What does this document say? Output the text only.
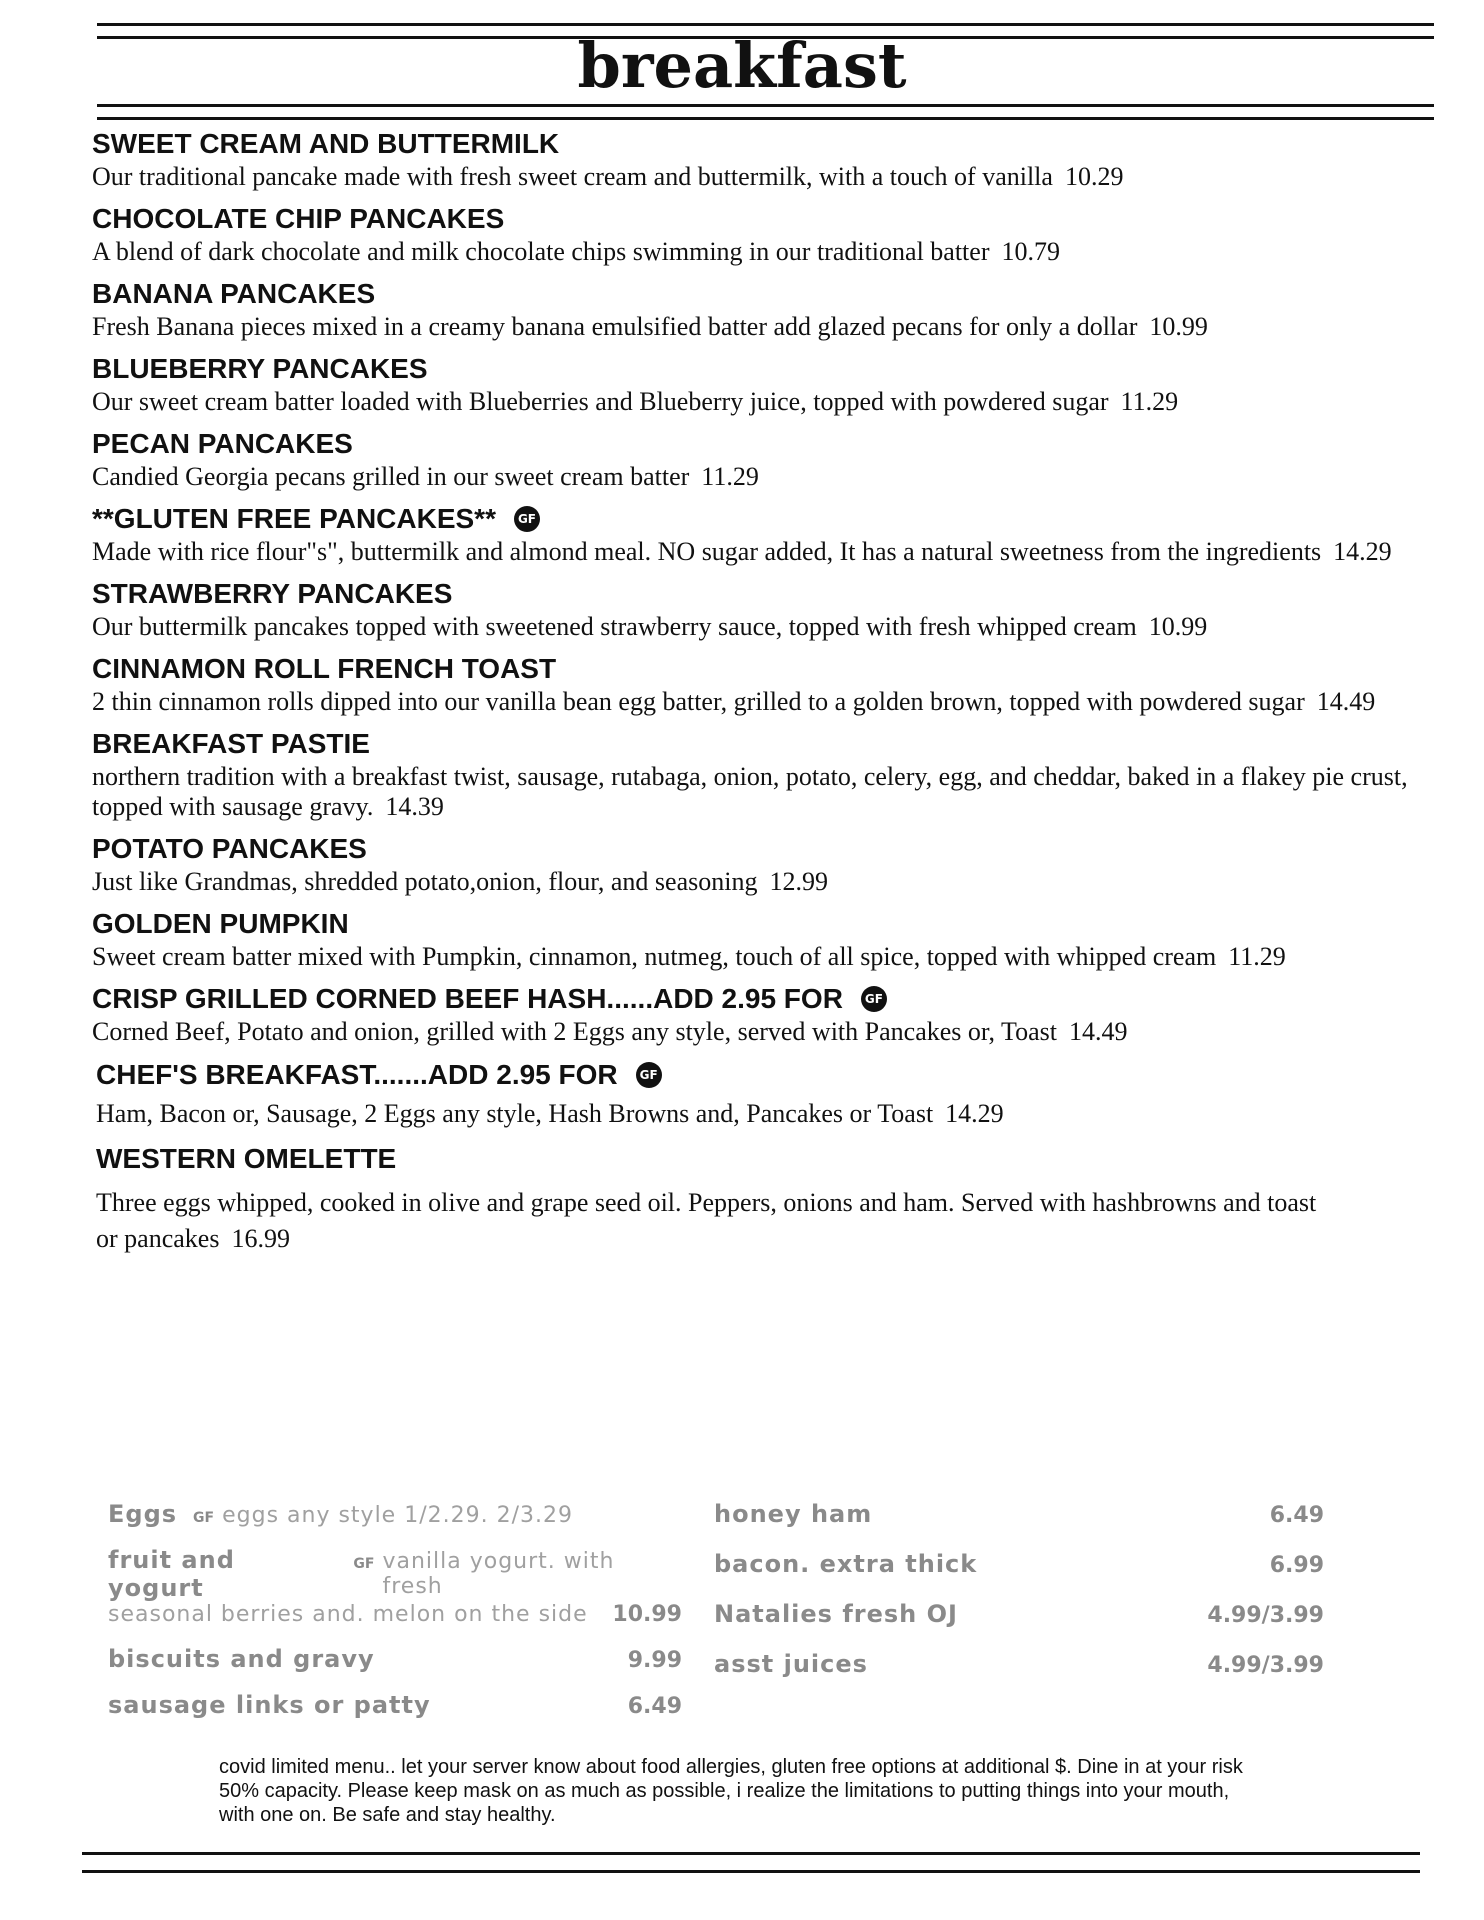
breakfast
SWEET CREAM AND BUTTERMILK
Our traditional pancake made with fresh sweet cream and buttermilk, with a touch of vanilla 10.29
CHOCOLATE CHIP PANCAKES
A blend of dark chocolate and milk chocolate chips swimming in our traditional batter 10.79
BANANA PANCAKES
Fresh Banana pieces mixed in a creamy banana emulsified batter add glazed pecans for only a dollar 10.99
BLUEBERRY PANCAKES
Our sweet cream batter loaded with Blueberries and Blueberry juice, topped with powdered sugar 11.29
PECAN PANCAKES
Candied Georgia pecans grilled in our sweet cream batter 11.29
**GLUTEN FREE PANCAKES**	GF
Made with rice flour"s", buttermilk and almond meal. NO sugar added, It has a natural sweetness from the ingredients 14.29
STRAWBERRY PANCAKES
Our buttermilk pancakes topped with sweetened strawberry sauce, topped with fresh whipped cream 10.99
CINNAMON ROLL FRENCH TOAST
2 thin cinnamon rolls dipped into our vanilla bean egg batter, grilled to a golden brown, topped with powdered sugar 14.49
BREAKFAST PASTIE
northern tradition with a breakfast twist, sausage, rutabaga, onion, potato, celery, egg, and cheddar, baked in a flakey pie crust, topped with sausage gravy. 14.39
POTATO PANCAKES
Just like Grandmas, shredded potato,onion, flour, and seasoning 12.99
GOLDEN PUMPKIN
Sweet cream batter mixed with Pumpkin, cinnamon, nutmeg, touch of all spice, topped with whipped cream 11.29
CRISP GRILLED CORNED BEEF HASH......ADD 2.95 FOR	GF
Corned Beef, Potato and onion, grilled with 2 Eggs any style, served with Pancakes or, Toast 14.49
CHEF'S BREAKFAST.......ADD 2.95 FOR	GF
Ham, Bacon or, Sausage, 2 Eggs any style, Hash Browns and, Pancakes or Toast 14.29
WESTERN OMELETTE
Three eggs whipped, cooked in olive and grape seed oil. Peppers, onions and ham. Served with hashbrowns and toast or pancakes 16.99
Eggs GF eggs any style 1/2.29. 2/3.29
fruit and yogurt
GF vanilla yogurt. with fresh
seasonal berries and. melon on the side 10.99
biscuits and gravy	9.99
sausage links or patty	6.49
honey ham	6.49
bacon. extra thick	6.99
Natalies fresh OJ	4.99/3.99
asst juices	4.99/3.99
covid limited menu.. let your server know about food allergies, gluten free options at additional $. Dine in at your risk 50% capacity. Please keep mask on as much as possible, i realize the limitations to putting things into your mouth, with one on. Be safe and stay healthy.
